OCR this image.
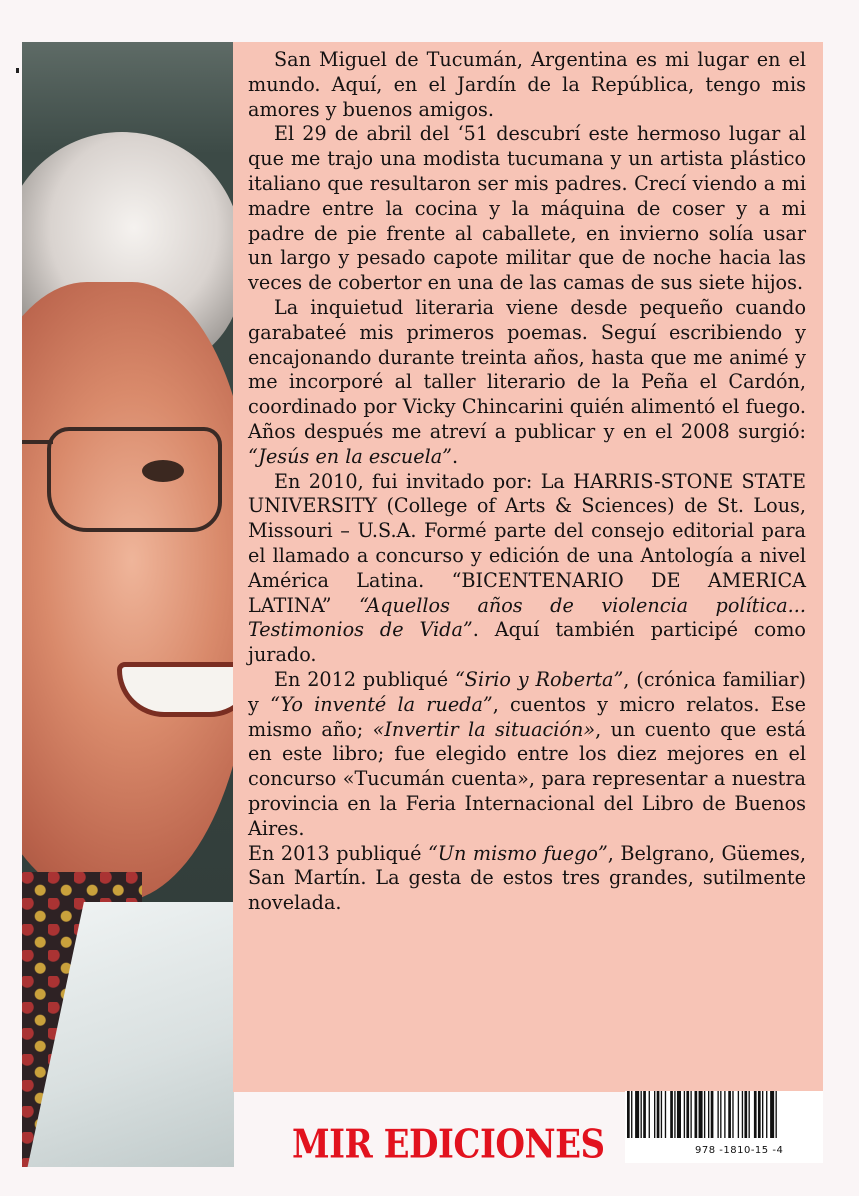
San Miguel de Tucumán, Argentina es mi lugar en el mundo. Aquí, en el Jardín de la República, tengo mis amores y buenos amigos.

El 29 de abril del ‘51 descubrí este hermoso lugar al que me trajo una modista tucumana y un artista plástico italiano que resultaron ser mis padres. Crecí viendo a mi madre entre la cocina y la máquina de coser y a mi padre de pie frente al caballete, en invierno solía usar un largo y pesado capote militar que de noche hacia las veces de cobertor en una de las camas de sus siete hijos.

La inquietud literaria viene desde pequeño cuando garabateé mis primeros poemas. Seguí escribiendo y encajonando durante treinta años, hasta que me animé y me incorporé al taller literario de la Peña el Cardón, coordinado por Vicky Chincarini quién alimentó el fuego. Años después me atreví a publicar y en el 2008 surgió: “Jesús en la escuela”.

En 2010, fui invitado por: La HARRIS-STONE STATE UNIVERSITY (College of Arts & Sciences) de St. Lous, Missouri – U.S.A. Formé parte del consejo editorial para el llamado a concurso y edición de una Antología a nivel América Latina. “BICENTENARIO DE AMERICA LATINA” “Aquellos años de violencia política... Testimonios de Vida”. Aquí también participé como jurado.

En 2012 publiqué “Sirio y Roberta”, (crónica familiar) y “Yo inventé la rueda”, cuentos y micro relatos. Ese mismo año; «Invertir la situación», un cuento que está en este libro; fue elegido entre los diez mejores en el concurso «Tucumán cuenta», para representar a nuestra provincia en la Feria Internacional del Libro de Buenos Aires.

En 2013 publiqué “Un mismo fuego”, Belgrano, Güemes, San Martín. La gesta de estos tres grandes, sutilmente novelada.

MIR EDICIONES	978 -1810-15 -4
